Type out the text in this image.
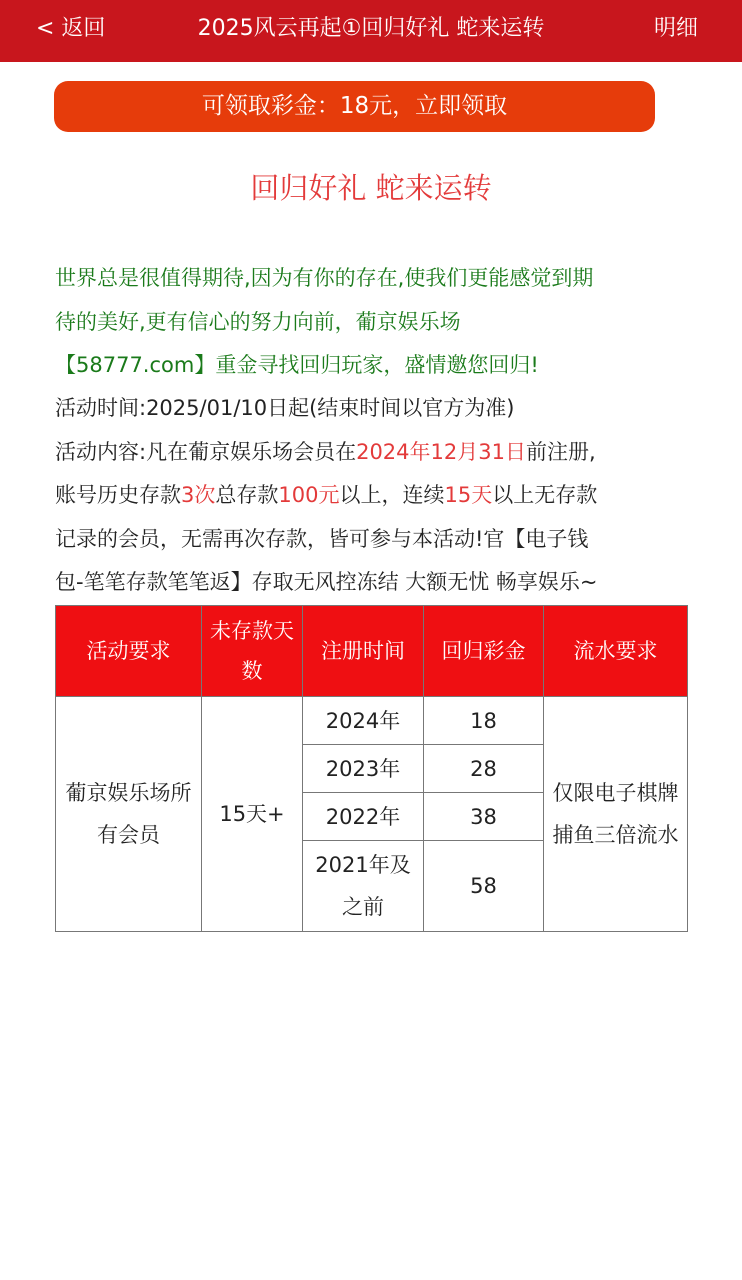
< 返回	2025风云再起①回归好礼 蛇来运转	明细
可领取彩金：18元，立即领取
回归好礼 蛇来运转
世界总是很值得期待,因为有你的存在,使我们更能感觉到期
待的美好,更有信心的努力向前，葡京娱乐场
【58777.com】重金寻找回归玩家，盛情邀您回归!
活动时间:2025/01/10日起(结束时间以官方为准)
活动内容:凡在葡京娱乐场会员在2024年12月31日前注册,
账号历史存款3次总存款100元以上，连续15天以上无存款
记录的会员，无需再次存款，皆可参与本活动!官【电子钱
包-笔笔存款笔笔返】存取无风控冻结 大额无忧 畅享娱乐~
活动要求	未存款天数	注册时间	回归彩金	流水要求
葡京娱乐场所有会员	15天+	2024年	18	仅限电子棋牌捕鱼三倍流水
		2023年	28	
		2022年	38	
		2021年及之前	58	
